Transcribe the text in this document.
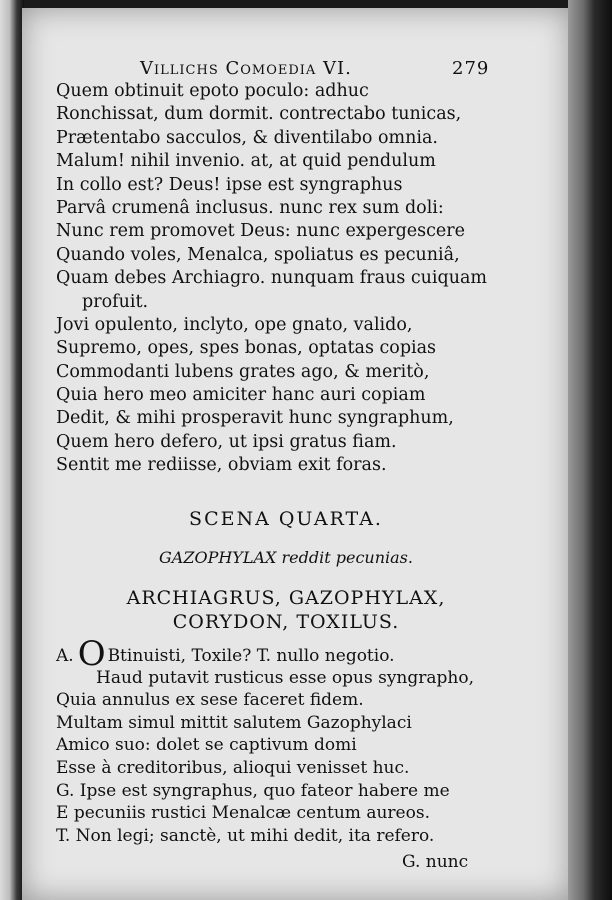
Villichs Comoedia VI.	279
Quem obtinuit epoto poculo: adhuc
Ronchissat, dum dormit. contrectabo tunicas,
Prætentabo sacculos, & diventilabo omnia.
Malum! nihil invenio. at, at quid pendulum
In collo est? Deus! ipse est syngraphus
Parvâ crumenâ inclusus. nunc rex sum doli:
Nunc rem promovet Deus: nunc expergescere
Quando voles, Menalca, spoliatus es pecuniâ,
Quam debes Archiagro. nunquam fraus cuiquam
profuit.
Jovi opulento, inclyto, ope gnato, valido,
Supremo, opes, spes bonas, optatas copias
Commodanti lubens grates ago, & meritò,
Quia hero meo amiciter hanc auri copiam
Dedit, & mihi prosperavit hunc syngraphum,
Quem hero defero, ut ipsi gratus fiam.
Sentit me rediisse, obviam exit foras.
SCENA QUARTA.
GAZOPHYLAX reddit pecunias.
ARCHIAGRUS, GAZOPHYLAX,
CORYDON, TOXILUS.
A. O Btinuisti, Toxile? T. nullo negotio.
Haud putavit rusticus esse opus syngrapho,
Quia annulus ex sese faceret fidem.
Multam simul mittit salutem Gazophylaci
Amico suo: dolet se captivum domi
Esse à creditoribus, alioqui venisset huc.
G. Ipse est syngraphus, quo fateor habere me
E pecuniis rustici Menalcæ centum aureos.
T. Non legi; sanctè, ut mihi dedit, ita refero.
G. nunc
